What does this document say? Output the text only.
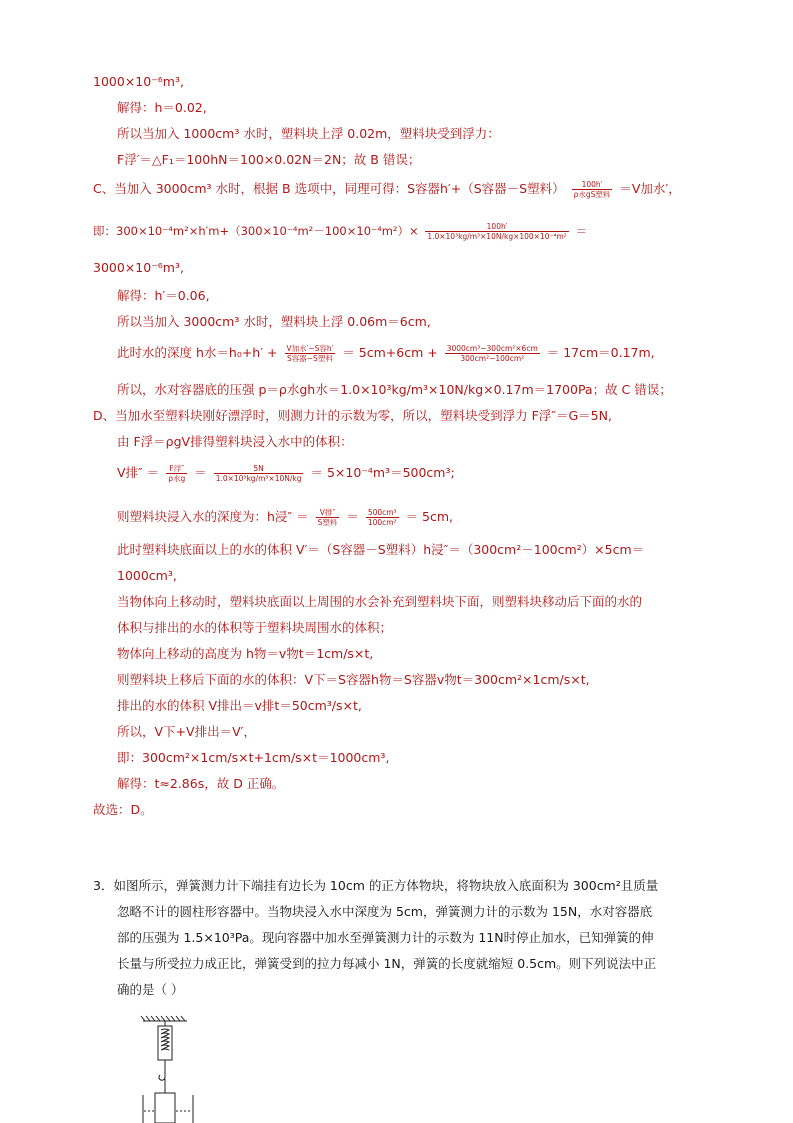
1000×10⁻⁶m³,
解得：h＝0.02,
所以当加入 1000cm³ 水时，塑料块上浮 0.02m，塑料块受到浮力：
F浮′＝△F₁＝100hN＝100×0.02N＝2N；故 B 错误；
C、当加入 3000cm³ 水时，根据 B 选项中，同理可得：S容器h′+（S容器－S塑料） $\frac{100h'}{\text{ρ水gS塑料}} =V$加水′，
即：$300\times 10^{-4}m^2\times h'm+(300\times 10^{-4}m^2-100\times 10^{-4}m^2)\times \frac{100h'}{\text{1.0×10³kg/m³×10N/kg×100×10⁻⁴m²}}$ ＝
3000×10⁻⁶m³,
解得：h′＝0.06,
所以当加入 3000cm³ 水时，塑料块上浮 0.06m＝6cm,
此时水的深度 h水$=h_0+h' + \frac{\text{V加水′−S容h′}}{\text{S容器−S塑料}} = 5cm+6cm + \frac{\text{3000cm³−300cm²×6cm}}{\text{300cm²−100cm²}} = 17cm=0.17m$,
所以，水对容器底的压强 p＝ρ水gh水＝1.0×10³kg/m³×10N/kg×0.17m＝1700Pa；故 C 错误；
D、当加水至塑料块刚好漂浮时，则测力计的示数为零，所以，塑料块受到浮力 F浮″＝G＝5N,
由 F浮＝ρgV排得塑料块浸入水中的体积：
V排″ ＝ $\frac{\text{F浮″}}{\text{ρ水g}} = \frac{5N}{\text{1.0×10³kg/m³×10N/kg}} = 5\times 10^{-4}m^3=500cm^3$;
则塑料块浸入水的深度为：h浸″ ＝ $\frac{\text{V排″}}{\text{S塑料}} = \frac{\text{500cm³}}{\text{100cm²}} = 5cm$,
此时塑料块底面以上的水的体积 V′＝（S容器－S塑料）h浸″＝（300cm²－100cm²）×5cm＝
1000cm³,
当物体向上移动时，塑料块底面以上周围的水会补充到塑料块下面，则塑料块移动后下面的水的
体积与排出的水的体积等于塑料块周围水的体积；
物体向上移动的高度为 h物＝v物t＝1cm/s×t,
则塑料块上移后下面的水的体积：V下＝S容器h物＝S容器v物t＝300cm²×1cm/s×t,
排出的水的体积 V排出＝v排t＝50cm³/s×t,
所以，V下+V排出＝V′，
即：300cm²×1cm/s×t+1cm/s×t＝1000cm³,
解得：t≈2.86s，故 D 正确。
故选：D。
3．如图所示，弹簧测力计下端挂有边长为 10cm 的正方体物块，将物块放入底面积为 300cm²且质量
忽略不计的圆柱形容器中。当物块浸入水中深度为 5cm，弹簧测力计的示数为 15N，水对容器底
部的压强为 1.5×10³Pa。现向容器中加水至弹簧测力计的示数为 11N时停止加水，已知弹簧的伸
长量与所受拉力成正比，弹簧受到的拉力每减小 1N，弹簧的长度就缩短 0.5cm。则下列说法中正
确的是（ ）
